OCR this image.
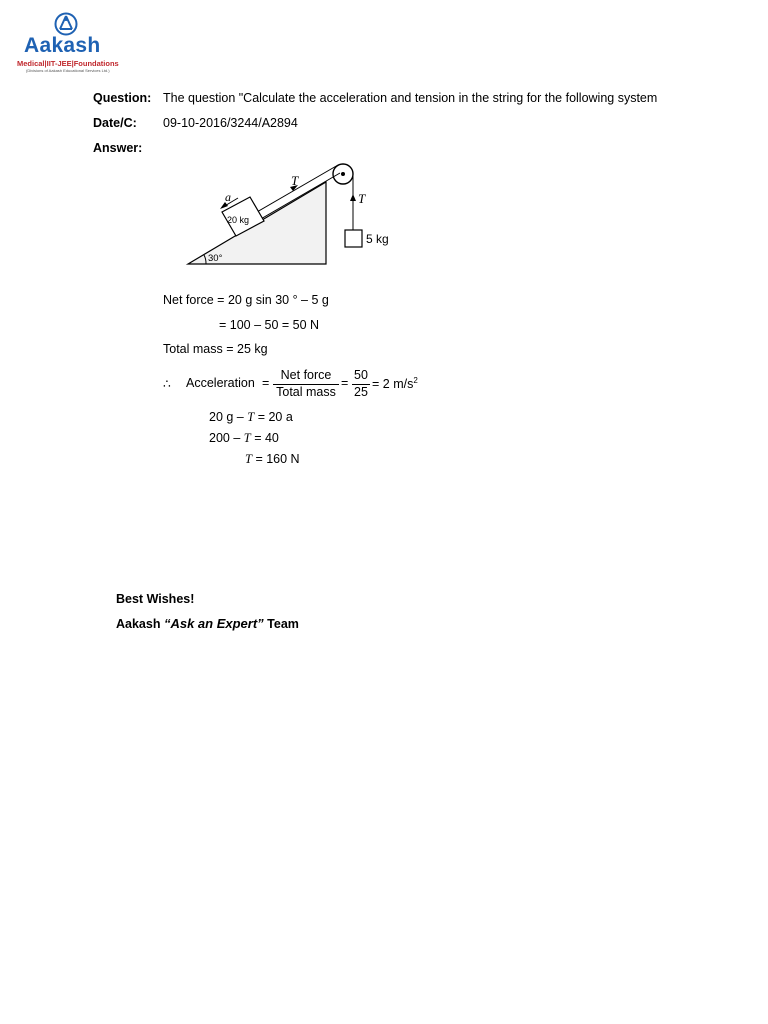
Aakash
Medical|IIT-JEE|Foundations
(Divisions of Aakash Educational Services Ltd.)
Question: The question "Calculate the acceleration and tension in the string for the following system
Date/C: 09-10-2016/3244/A2894
Answer:
T
T
a
20 kg
5 kg
30°
Net force = 20 g sin 30 ° – 5 g
= 100 – 50 = 50 N
Total mass = 25 kg
∴ Acceleration =
Net force
Total mass
=
50
25
= 2 $m/s^2$
20 g – T = 20 a
200 – T = 40
T = 160 N
Best Wishes!
Aakash “Ask an Expert” Team
